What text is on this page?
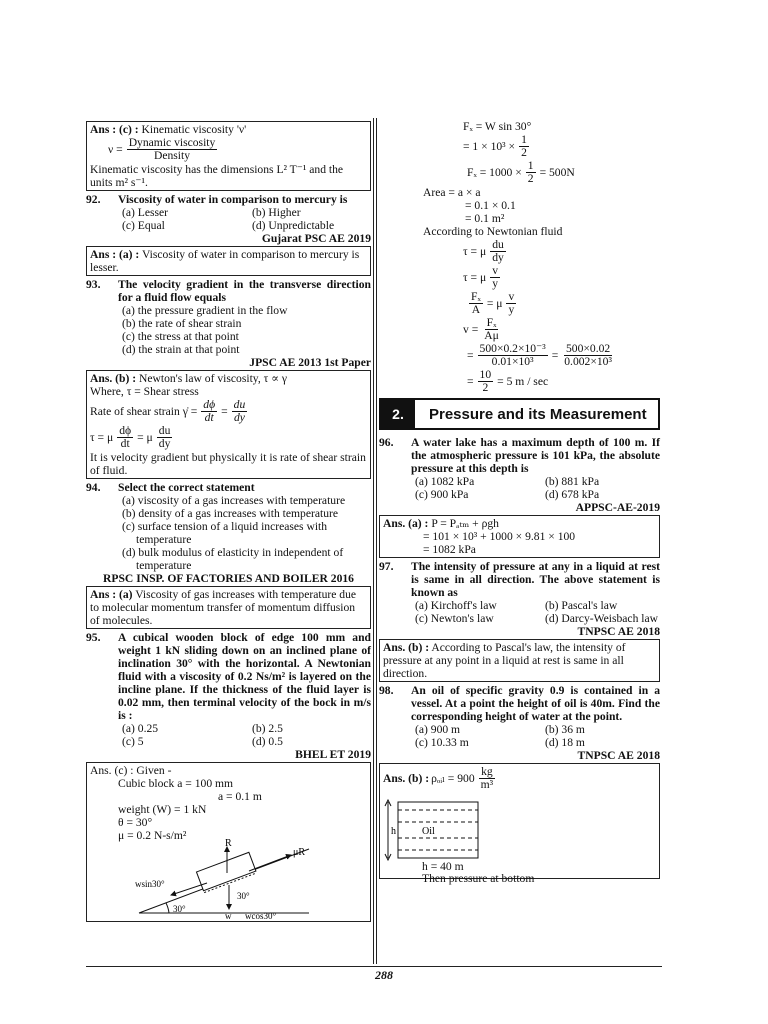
Ans : (c) : Kinematic viscosity 'ν'
$\nu = \frac{\text{Dynamic viscosity}}{\text{Density}}$
Kinematic viscosity has the dimensions L² T⁻¹ and the units m² s⁻¹.
92.	Viscosity of water in comparison to mercury is
(a) Lesser	(b) Higher
(c) Equal	(d) Unpredictable
Gujarat PSC AE 2019
Ans : (a) : Viscosity of water in comparison to mercury is lesser.
93.	The velocity gradient in the transverse direction for a fluid flow equals
(a) the pressure gradient in the flow
(b) the rate of shear strain
(c) the stress at that point
(d) the strain at that point
JPSC AE 2013 1st Paper
Ans. (b) : Newton's law of viscosity, τ ∝ γ
Where, τ = Shear stress
Rate of shear strain γ̇ = $\frac{d\phi}{dt} = \frac{du}{dy}$
τ = μ $\frac{d\phi}{dt} = \mu \frac{du}{dy}$
It is velocity gradient but physically it is rate of shear strain of fluid.
94.	Select the correct statement
(a) viscosity of a gas increases with temperature
(b) density of a gas increases with temperature
(c) surface tension of a liquid increases with temperature
(d) bulk modulus of elasticity in independent of temperature
RPSC INSP. OF FACTORIES AND BOILER 2016
Ans : (a) Viscosity of gas increases with temperature due to molecular momentum transfer of momentum diffusion of molecules.
95.	A cubical wooden block of edge 100 mm and weight 1 kN sliding down on an inclined plane of inclination 30° with the horizontal. A Newtonian fluid with a viscosity of 0.2 Ns/m² is layered on the incline plane. If the thickness of the fluid layer is 0.02 mm, then terminal velocity of the bock in m/s is :
(a) 0.25	(b) 2.5
(c) 5	(d) 0.5
BHEL ET 2019
Ans. (c) : Given -
Cubic block a = 100 mm
a = 0.1 m
weight (W) = 1 kN
θ = 30°
μ = 0.2 N-s/m²
R
μR
wsin30°
30°
30°
w wcos30°
Fₓ = W sin 30°
= $1 \times 10^3 \times \frac{1}{2}$
$F_x = 1000 \times \frac{1}{2} = 500N$
Area = a × a
= 0.1 × 0.1
= 0.1 m²
According to Newtonian fluid
τ = μ $\frac{du}{dy}$
τ = μ $\frac{v}{y}$
$\frac{\text{Fₓ}}{A} = \mu \frac{v}{y}$
$v = \frac{\text{Fₓ}}{A\mu}$
= $\frac{\text{500×0.2×10⁻³}}{\text{0.01×10³}} = \frac{500\times 0.02}{\text{0.002×10³}}$
= $\frac{10}{2} = 5$ m / sec
2.	Pressure and its Measurement
96.	A water lake has a maximum depth of 100 m. If the atmospheric pressure is 101 kPa, the absolute pressure at this depth is
(a) 1082 kPa	(b) 881 kPa
(c) 900 kPa	(d) 678 kPa
APPSC-AE-2019
Ans. (a) : P = Pₐₜₘ + ρgh
= 101 × 10³ + 1000 × 9.81 × 100
= 1082 kPa
97.	The intensity of pressure at any in a liquid at rest is same in all direction. The above statement is known as
(a) Kirchoff's law	(b) Pascal's law
(c) Newton's law	(d) Darcy-Weisbach law
TNPSC AE 2018
Ans. (b) : According to Pascal's law, the intensity of pressure at any point in a liquid at rest is same in all direction.
98.	An oil of specific gravity 0.9 is contained in a vessel. At a point the height of oil is 40m. Find the corresponding height of water at the point.
(a) 900 m	(b) 36 m
(c) 10.33 m	(d) 18 m
TNPSC AE 2018
Ans. (b) : ρₒᵢₗ = $900 \frac{kg}{\text{m³}}$
h	Oil
h = 40 m
Then pressure at bottom
288
